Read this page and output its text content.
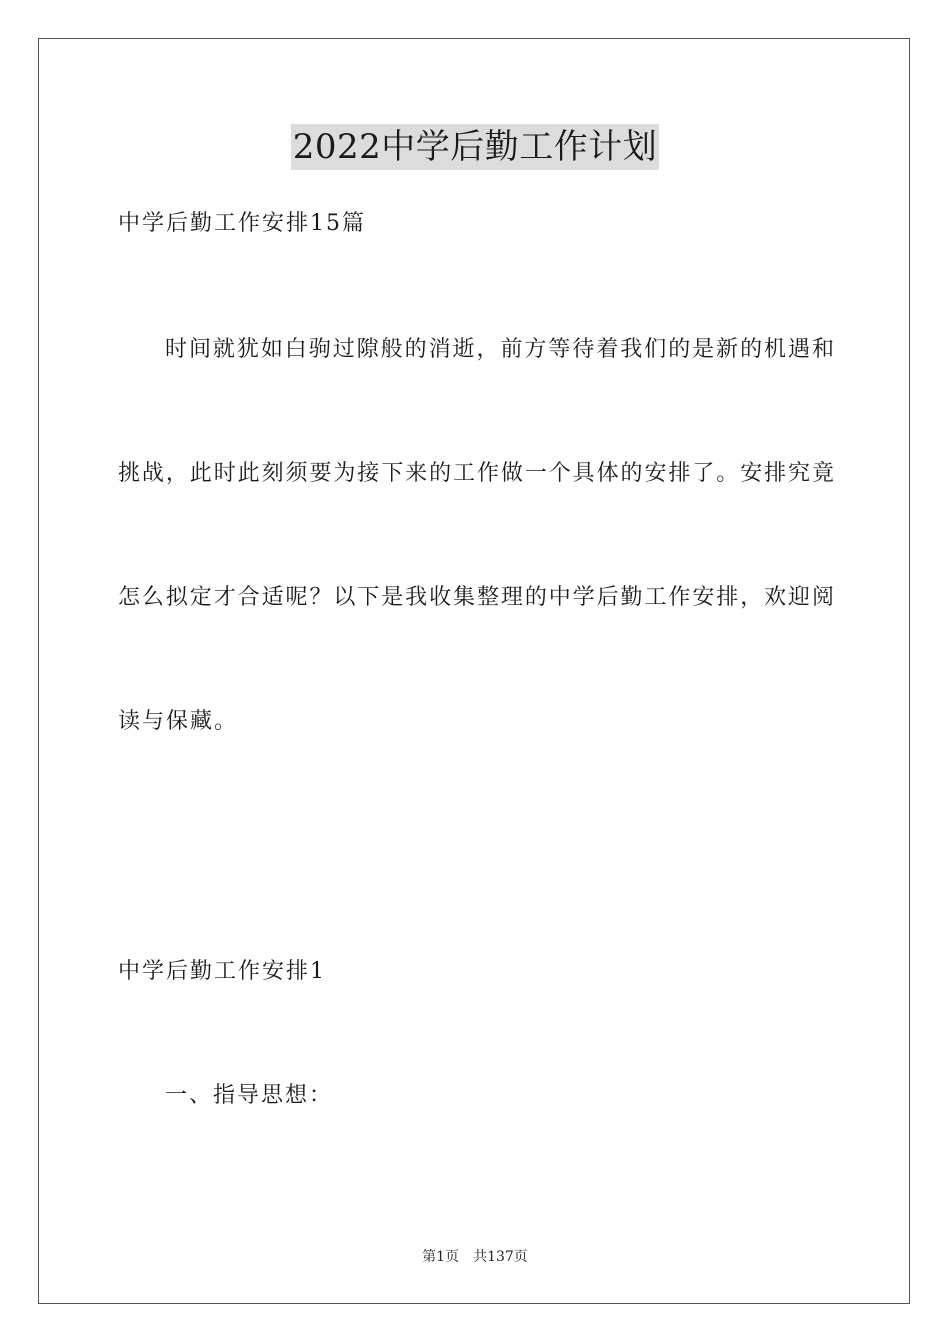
2022中学后勤工作计划
中学后勤工作安排15篇
时间就犹如白驹过隙般的消逝，前方等待着我们的是新的机遇和
挑战，此时此刻须要为接下来的工作做一个具体的安排了。安排究竟
怎么拟定才合适呢？以下是我收集整理的中学后勤工作安排，欢迎阅
读与保藏。
中学后勤工作安排1
一、指导思想：
第1页　共137页
